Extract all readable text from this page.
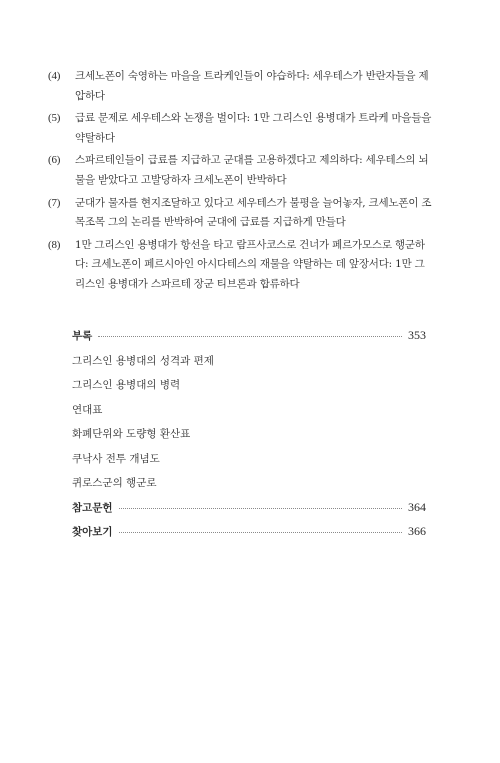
(4)	크세노폰이 숙영하는 마을을 트라케인들이 야습하다: 세우테스가 반란자들을 제압하다
(5)	급료 문제로 세우테스와 논쟁을 벌이다: 1만 그리스인 용병대가 트라케 마을들을 약탈하다
(6)	스파르테인들이 급료를 지급하고 군대를 고용하겠다고 제의하다: 세우테스의 뇌물을 받았다고 고발당하자 크세노폰이 반박하다
(7)	군대가 물자를 현지조달하고 있다고 세우테스가 불평을 늘어놓자, 크세노폰이 조목조목 그의 논리를 반박하여 군대에 급료를 지급하게 만들다
(8)	1만 그리스인 용병대가 항선을 타고 람프사코스로 건너가 페르가모스로 행군하다: 크세노폰이 페르시아인 아시다테스의 재물을 약탈하는 데 앞장서다: 1만 그리스인 용병대가 스파르테 장군 티브론과 합류하다
부록	353
그리스인 용병대의 성격과 편제
그리스인 용병대의 병력
연대표
화폐단위와 도량형 환산표
쿠낙사 전투 개념도
퀴로스군의 행군로
참고문헌	364
찾아보기	366
